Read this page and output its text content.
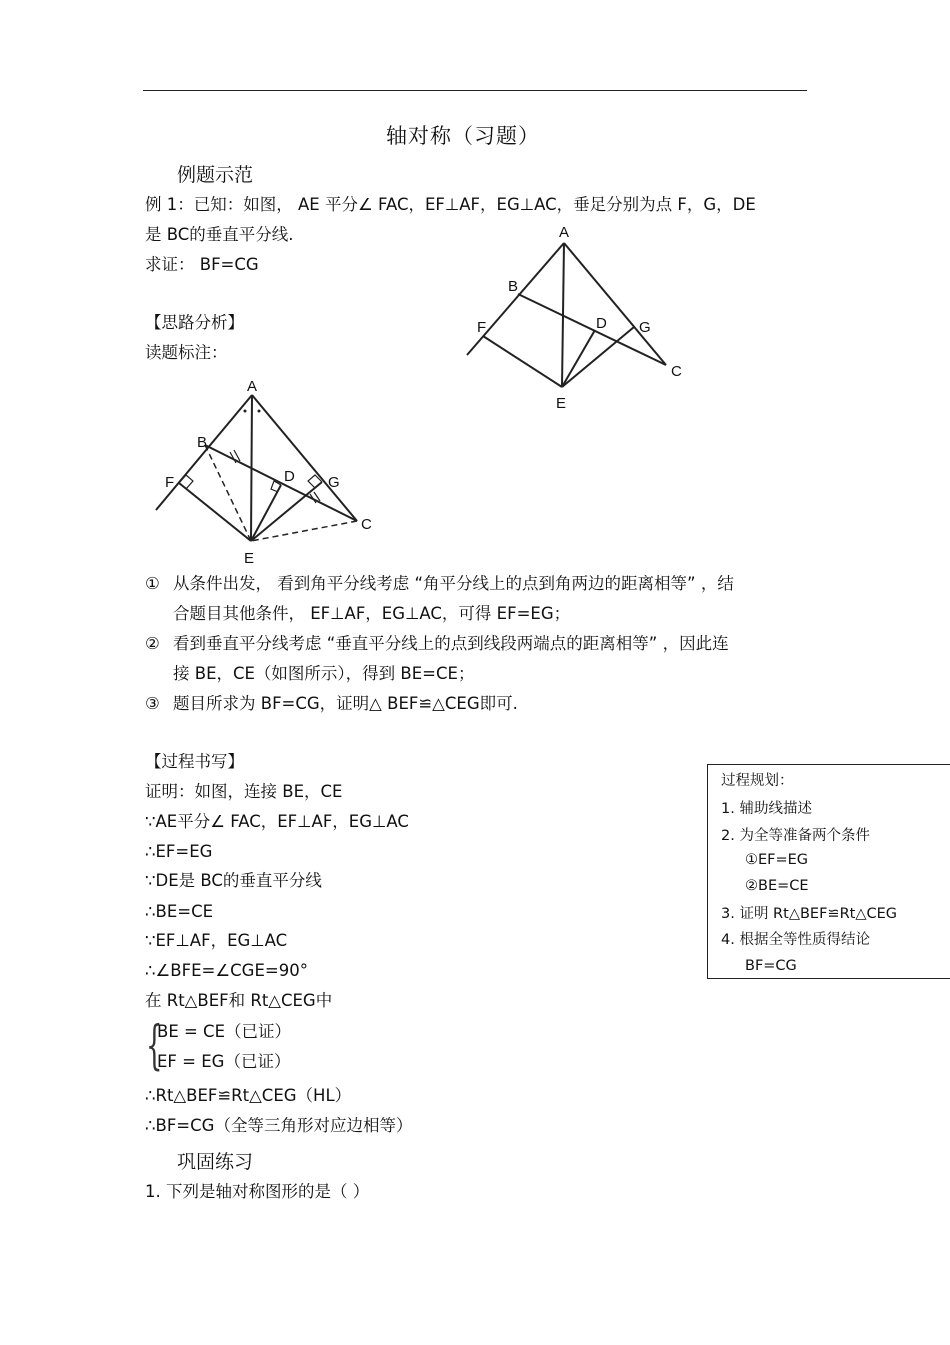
轴对称（习题）
例题示范
例 1：已知：如图， AE 平分∠ FAC，EF⊥AF，EG⊥AC，垂足分别为点 F，G，DE
是 BC的垂直平分线.
求证： BF=CG
【思路分析】
读题标注：
A
B
F	D G
C
E
A
B
F	D G
C
E
① 从条件出发， 看到角平分线考虑 “角平分线上的点到角两边的距离相等” ，结
合题目其他条件， EF⊥AF，EG⊥AC，可得 EF=EG；
② 看到垂直平分线考虑 “垂直平分线上的点到线段两端点的距离相等” ，因此连
接 BE，CE（如图所示），得到 BE=CE；
③ 题目所求为 BF=CG，证明△ BEF≌△CEG即可.
【过程书写】
证明：如图，连接 BE，CE
∵AE平分∠ FAC，EF⊥AF，EG⊥AC
∴EF=EG
∵DE是 BC的垂直平分线
∴BE=CE
∵EF⊥AF，EG⊥AC
∴∠BFE=∠CGE=90°
在 Rt△BEF和 Rt△CEG中
{
BE = CE（已证）
EF = EG（已证）
∴Rt△BEF≌Rt△CEG（HL）
∴BF=CG（全等三角形对应边相等）
过程规划：
1. 辅助线描述
2. 为全等准备两个条件
①EF=EG
②BE=CE
3. 证明 Rt△BEF≌Rt△CEG
4. 根据全等性质得结论
BF=CG
巩固练习
1. 下列是轴对称图形的是（ ）
